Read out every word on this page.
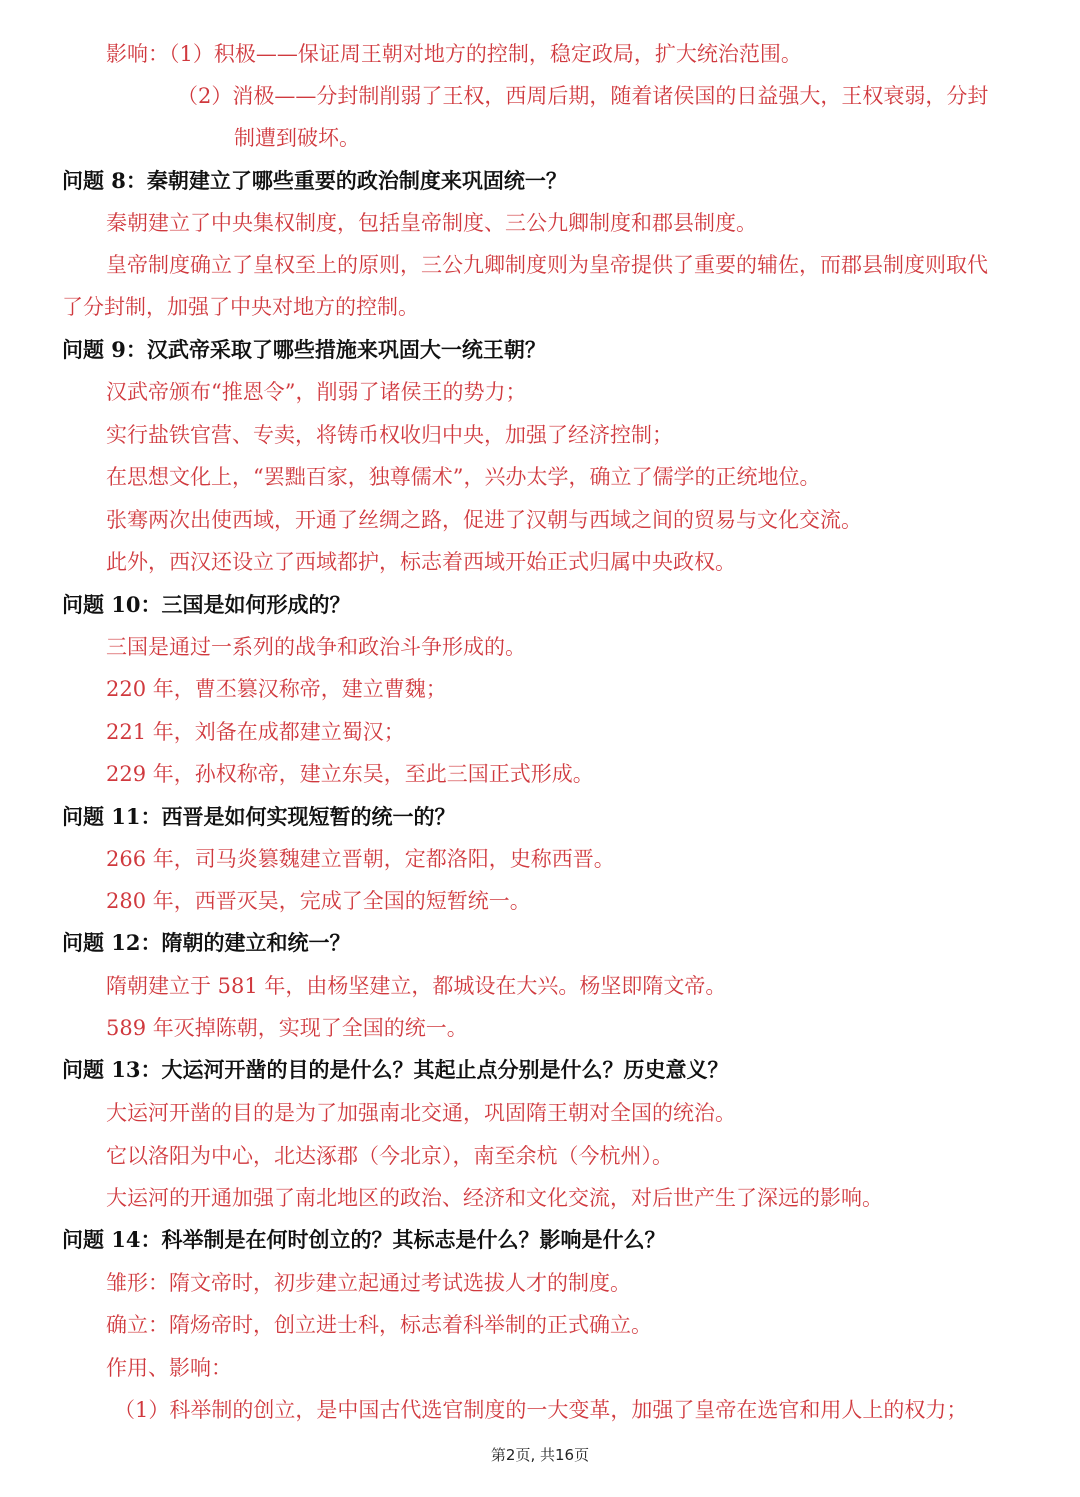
影响：（1）积极——保证周王朝对地方的控制，稳定政局，扩大统治范围。
（2）消极——分封制削弱了王权，西周后期，随着诸侯国的日益强大，王权衰弱，分封
制遭到破坏。
问题 8：秦朝建立了哪些重要的政治制度来巩固统一？
秦朝建立了中央集权制度，包括皇帝制度、三公九卿制度和郡县制度。
皇帝制度确立了皇权至上的原则，三公九卿制度则为皇帝提供了重要的辅佐，而郡县制度则取代
了分封制，加强了中央对地方的控制。
问题 9：汉武帝采取了哪些措施来巩固大一统王朝？
汉武帝颁布“推恩令”，削弱了诸侯王的势力；
实行盐铁官营、专卖，将铸币权收归中央，加强了经济控制；
在思想文化上，“罢黜百家，独尊儒术”，兴办太学，确立了儒学的正统地位。
张骞两次出使西域，开通了丝绸之路，促进了汉朝与西域之间的贸易与文化交流。
此外，西汉还设立了西域都护，标志着西域开始正式归属中央政权。
问题 10：三国是如何形成的？
三国是通过一系列的战争和政治斗争形成的。
220 年，曹丕篡汉称帝，建立曹魏；
221 年，刘备在成都建立蜀汉；
229 年，孙权称帝，建立东吴，至此三国正式形成。
问题 11：西晋是如何实现短暂的统一的？
266 年，司马炎篡魏建立晋朝，定都洛阳，史称西晋。
280 年，西晋灭吴，完成了全国的短暂统一。
问题 12：隋朝的建立和统一？
隋朝建立于 581 年，由杨坚建立，都城设在大兴。杨坚即隋文帝。
589 年灭掉陈朝，实现了全国的统一。
问题 13：大运河开凿的目的是什么？其起止点分别是什么？历史意义？
大运河开凿的目的是为了加强南北交通，巩固隋王朝对全国的统治。
它以洛阳为中心，北达涿郡（今北京），南至余杭（今杭州）。
大运河的开通加强了南北地区的政治、经济和文化交流，对后世产生了深远的影响。
问题 14：科举制是在何时创立的？其标志是什么？影响是什么？
雏形：隋文帝时，初步建立起通过考试选拔人才的制度。
确立：隋炀帝时，创立进士科，标志着科举制的正式确立。
作用、影响：
（1）科举制的创立，是中国古代选官制度的一大变革，加强了皇帝在选官和用人上的权力；
第2页, 共16页
